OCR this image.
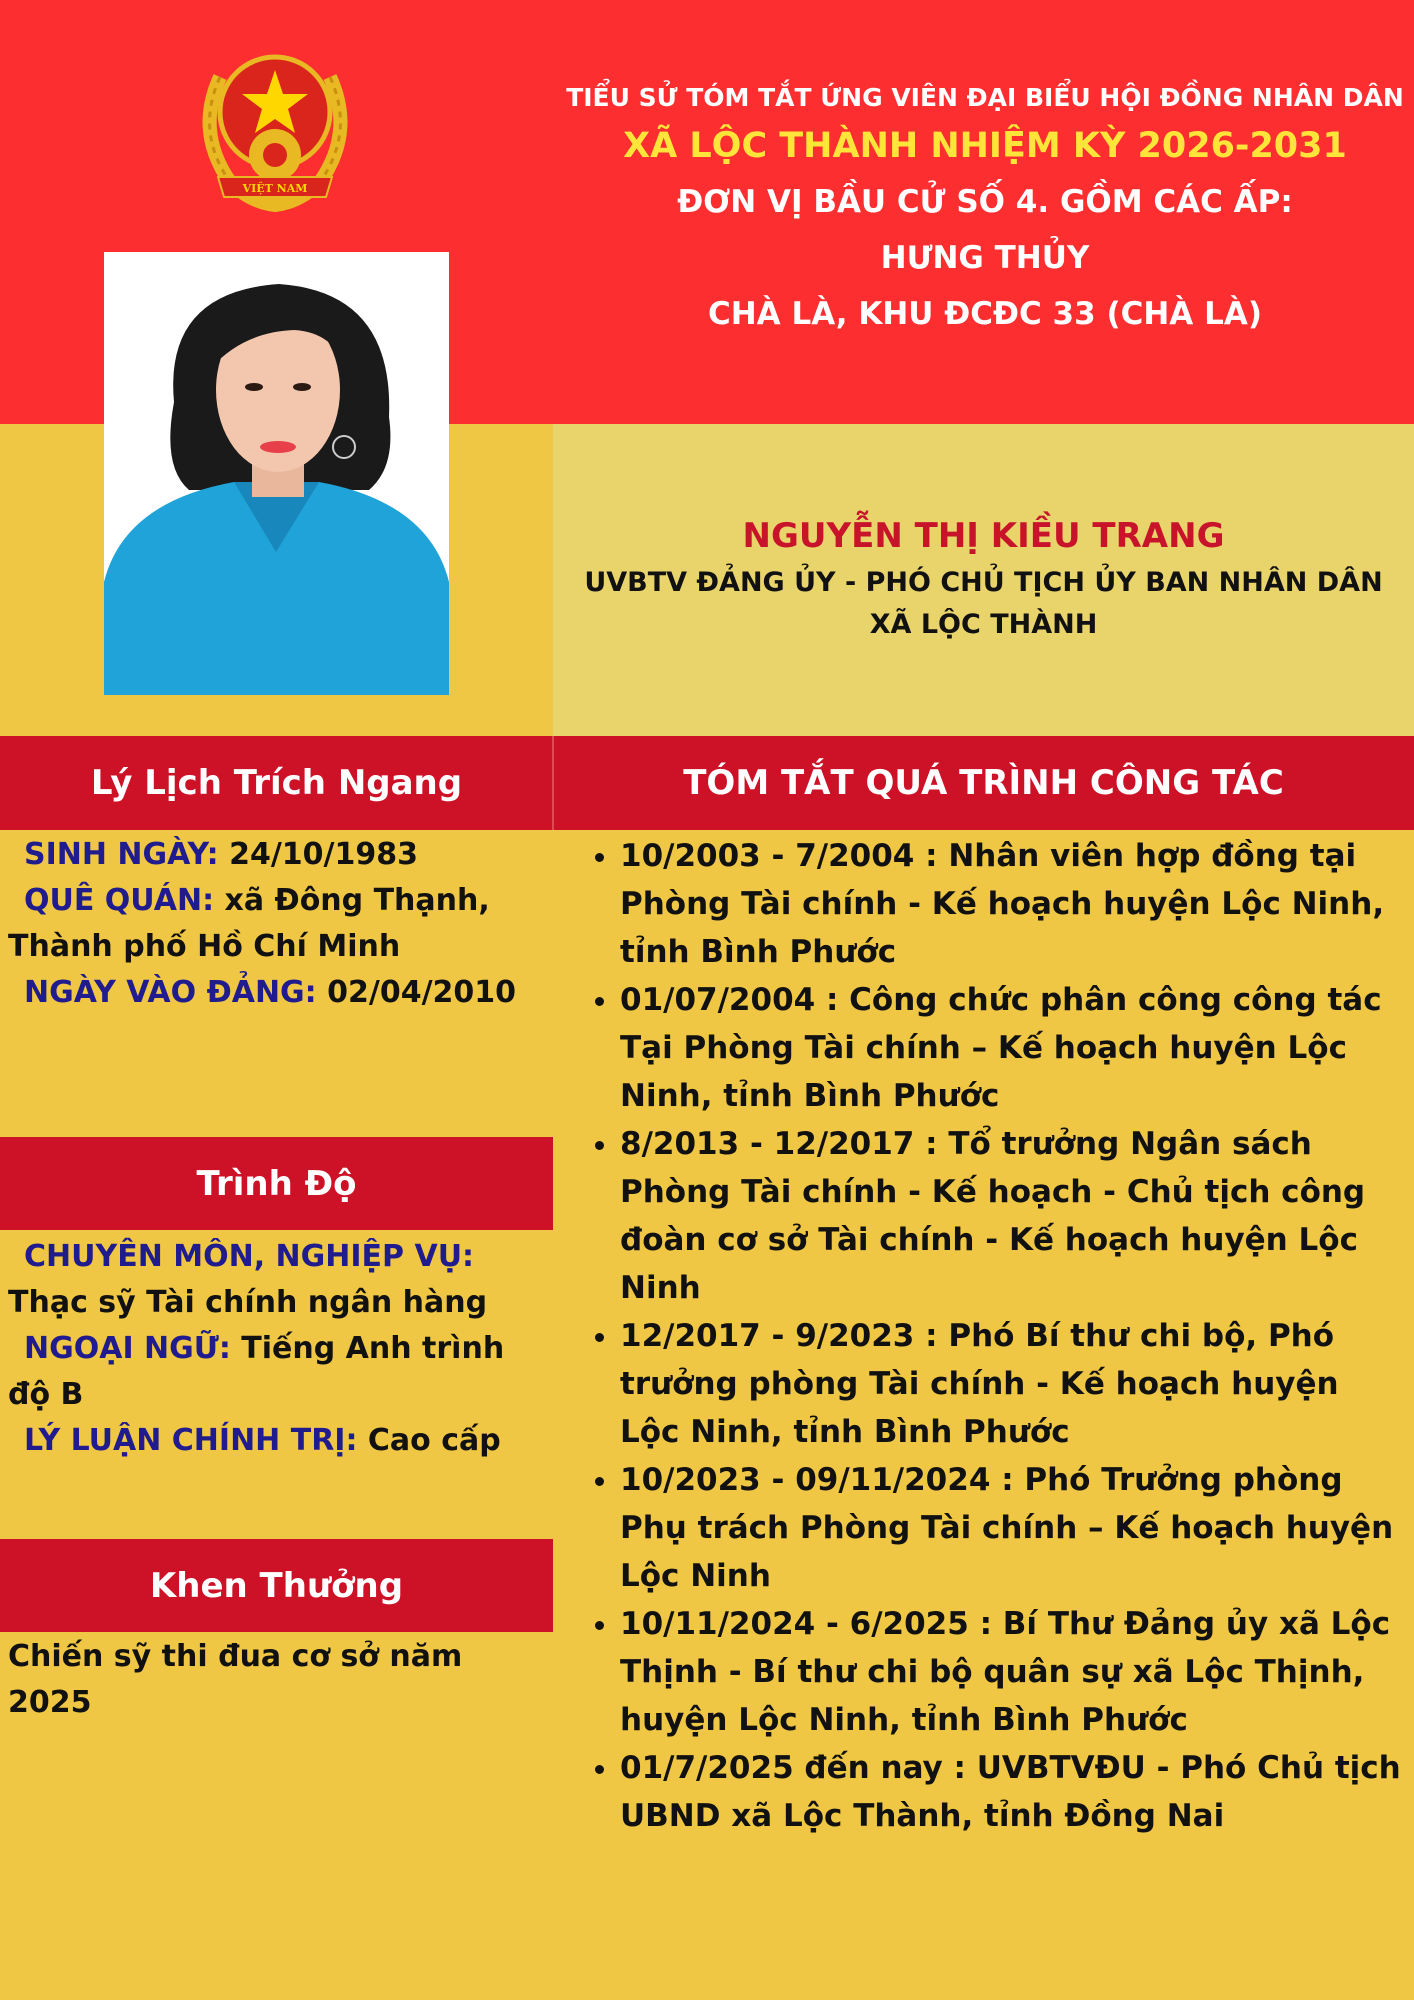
VIỆT NAM
TIỂU SỬ TÓM TẮT ỨNG VIÊN ĐẠI BIỂU HỘI ĐỒNG NHÂN DÂN
XÃ LỘC THÀNH NHIỆM KỲ 2026-2031
ĐƠN VỊ BẦU CỬ SỐ 4. GỒM CÁC ẤP:
HƯNG THỦY
CHÀ LÀ, KHU ĐCĐC 33 (CHÀ LÀ)
NGUYỄN THỊ KIỀU TRANG
UVBTV ĐẢNG ỦY - PHÓ CHỦ TỊCH ỦY BAN NHÂN DÂN XÃ LỘC THÀNH
Lý Lịch Trích Ngang	TÓM TẮT QUÁ TRÌNH CÔNG TÁC

SINH NGÀY: 24/10/1983

QUÊ QUÁN: xã Đông Thạnh, Thành phố Hồ Chí Minh

NGÀY VÀO ĐẢNG: 02/04/2010

Trình Độ

CHUYÊN MÔN, NGHIỆP VỤ: Thạc sỹ Tài chính ngân hàng

NGOẠI NGỮ: Tiếng Anh trình độ B

LÝ LUẬN CHÍNH TRỊ: Cao cấp

Khen Thưởng

Chiến sỹ thi đua cơ sở năm 2025

• 10/2003 - 7/2004 : Nhân viên hợp đồng tại Phòng Tài chính - Kế hoạch huyện Lộc Ninh, tỉnh Bình Phước
• 01/07/2004 : Công chức phân công công tác Tại Phòng Tài chính – Kế hoạch huyện Lộc Ninh, tỉnh Bình Phước
• 8/2013 - 12/2017 : Tổ trưởng Ngân sách Phòng Tài chính - Kế hoạch - Chủ tịch công đoàn cơ sở Tài chính - Kế hoạch huyện Lộc Ninh
• 12/2017 - 9/2023 : Phó Bí thư chi bộ, Phó trưởng phòng Tài chính - Kế hoạch huyện Lộc Ninh, tỉnh Bình Phước
• 10/2023 - 09/11/2024 : Phó Trưởng phòng Phụ trách Phòng Tài chính – Kế hoạch huyện Lộc Ninh
• 10/11/2024 - 6/2025 : Bí Thư Đảng ủy xã Lộc Thịnh - Bí thư chi bộ quân sự xã Lộc Thịnh, huyện Lộc Ninh, tỉnh Bình Phước
• 01/7/2025 đến nay : UVBTVĐU - Phó Chủ tịch UBND xã Lộc Thành, tỉnh Đồng Nai
